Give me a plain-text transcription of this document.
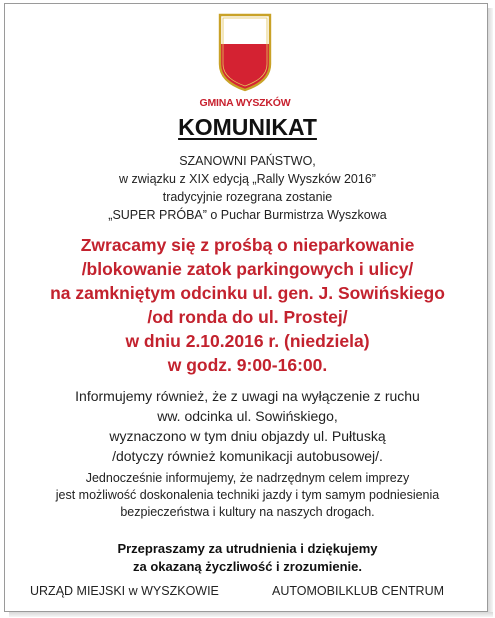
GMINA WYSZKÓW
KOMUNIKAT
SZANOWNI PAŃSTWO,
w związku z XIX edycją „Rally Wyszków 2016”
tradycyjnie rozegrana zostanie
„SUPER PRÓBA” o Puchar Burmistrza Wyszkowa
Zwracamy się z prośbą o nieparkowanie
/blokowanie zatok parkingowych i ulicy/
na zamkniętym odcinku ul. gen. J. Sowińskiego
/od ronda do ul. Prostej/
w dniu 2.10.2016 r. (niedziela)
w godz. 9:00-16:00.
Informujemy również, że z uwagi na wyłączenie z ruchu
ww. odcinka ul. Sowińskiego,
wyznaczono w tym dniu objazdy ul. Pułtuską
/dotyczy również komunikacji autobusowej/.
Jednocześnie informujemy, że nadrzędnym celem imprezy
jest możliwość doskonalenia techniki jazdy i tym samym podniesienia
bezpieczeństwa i kultury na naszych drogach.
Przepraszamy za utrudnienia i dziękujemy
za okazaną życzliwość i zrozumienie.
URZĄD MIEJSKI w WYSZKOWIE	AUTOMOBILKLUB CENTRUM
